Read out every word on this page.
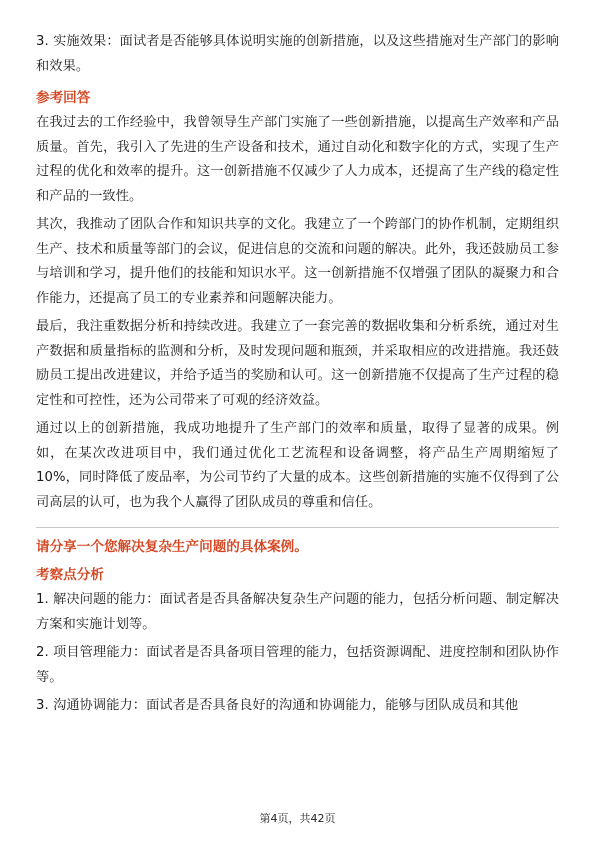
3. 实施效果：面试者是否能够具体说明实施的创新措施，以及这些措施对生产部门的影响和效果。

参考回答

在我过去的工作经验中，我曾领导生产部门实施了一些创新措施，以提高生产效率和产品质量。首先，我引入了先进的生产设备和技术，通过自动化和数字化的方式，实现了生产过程的优化和效率的提升。这一创新措施不仅减少了人力成本，还提高了生产线的稳定性和产品的一致性。

其次，我推动了团队合作和知识共享的文化。我建立了一个跨部门的协作机制，定期组织生产、技术和质量等部门的会议，促进信息的交流和问题的解决。此外，我还鼓励员工参与培训和学习，提升他们的技能和知识水平。这一创新措施不仅增强了团队的凝聚力和合作能力，还提高了员工的专业素养和问题解决能力。

最后，我注重数据分析和持续改进。我建立了一套完善的数据收集和分析系统，通过对生产数据和质量指标的监测和分析，及时发现问题和瓶颈，并采取相应的改进措施。我还鼓励员工提出改进建议，并给予适当的奖励和认可。这一创新措施不仅提高了生产过程的稳定性和可控性，还为公司带来了可观的经济效益。

通过以上的创新措施，我成功地提升了生产部门的效率和质量，取得了显著的成果。例如，在某次改进项目中，我们通过优化工艺流程和设备调整，将产品生产周期缩短了10%，同时降低了废品率，为公司节约了大量的成本。这些创新措施的实施不仅得到了公司高层的认可，也为我个人赢得了团队成员的尊重和信任。

请分享一个您解决复杂生产问题的具体案例。
考察点分析

1. 解决问题的能力：面试者是否具备解决复杂生产问题的能力，包括分析问题、制定解决方案和实施计划等。

2. 项目管理能力：面试者是否具备项目管理的能力，包括资源调配、进度控制和团队协作等。

3. 沟通协调能力：面试者是否具备良好的沟通和协调能力，能够与团队成员和其他

第4页，共42页
